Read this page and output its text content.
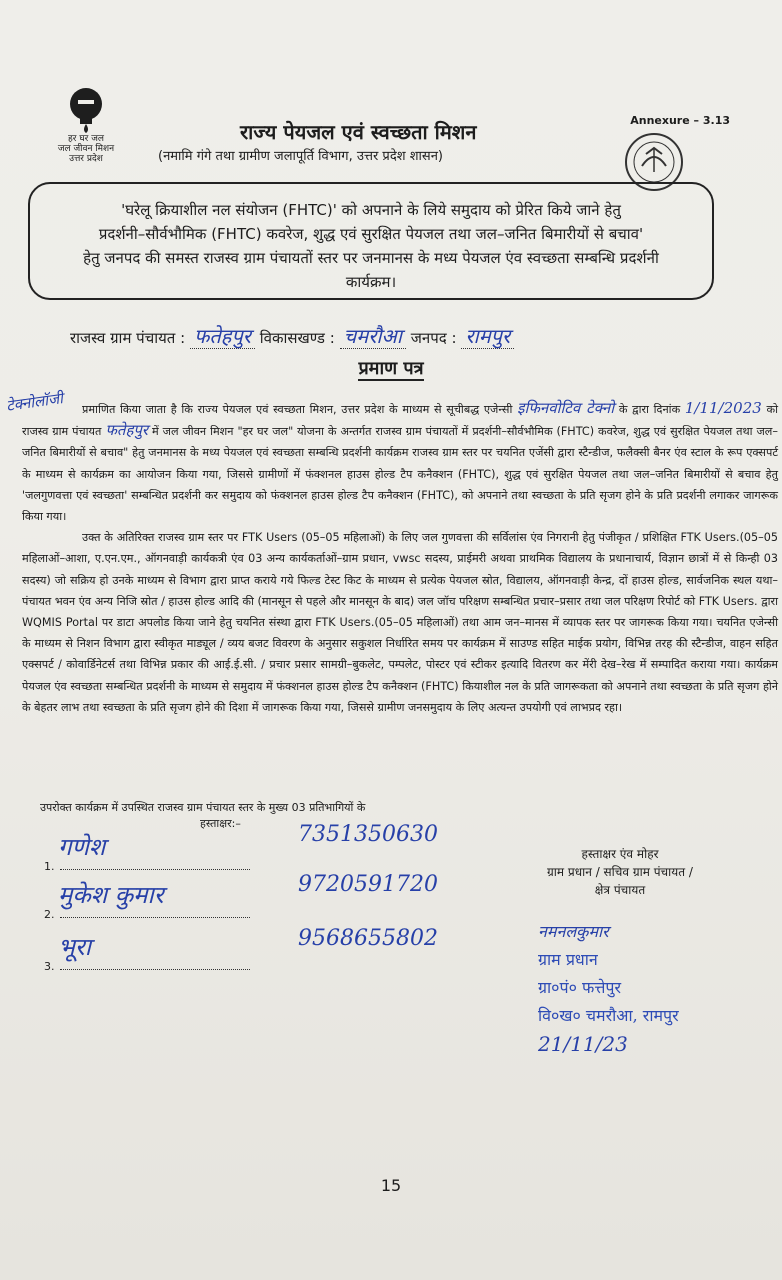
हर घर जल
जल जीवन मिशन
उत्तर प्रदेश
Annexure – 3.13
राज्य पेयजल एवं स्वच्छता मिशन
(नमामि गंगे तथा ग्रामीण जलापूर्ति विभाग, उत्तर प्रदेश शासन)
'घरेलू क्रियाशील नल संयोजन (FHTC)' को अपनाने के लिये समुदाय को प्रेरित किये जाने हेतु
प्रदर्शनी–सौर्वभौमिक (FHTC) कवरेज, शुद्ध एवं सुरक्षित पेयजल तथा जल–जनित बिमारीयों से बचाव'
हेतु जनपद की समस्त राजस्व ग्राम पंचायतों स्तर पर जनमानस के मध्य पेयजल एंव स्वच्छता सम्बन्धि प्रदर्शनी
कार्यक्रम।
राजस्व ग्राम पंचायत : फतेहपुर विकासखण्ड : चमरौआ जनपद : रामपुर
प्रमाण पत्र
टेक्नोलॉजी	प्रमाणित किया जाता है कि राज्य पेयजल एवं स्वच्छता मिशन, उत्तर प्रदेश के माध्यम से सूचीबद्ध एजेन्सी इफिनवोटिव टेक्नो के द्वारा दिनांक 1/11/2023 को राजस्व ग्राम पंचायत फतेहपुर में जल जीवन मिशन "हर घर जल" योजना के अन्तर्गत राजस्व ग्राम पंचायतों में प्रदर्शनी–सौर्वभौमिक (FHTC) कवरेज, शुद्ध एवं सुरक्षित पेयजल तथा जल–जनित बिमारीयों से बचाव" हेतु जनमानस के मध्य पेयजल एवं स्वच्छता सम्बन्धि प्रदर्शनी कार्यक्रम राजस्व ग्राम स्तर पर चयनित एजेंसी द्वारा स्टैन्डीज, फलैक्सी बैनर एंव स्टाल के रूप एक्सपर्ट के माध्यम से कार्यक्रम का आयोजन किया गया, जिससे ग्रामीणों में फंक्शनल हाउस होल्ड टैप कनैक्शन (FHTC), शुद्ध एवं सुरक्षित पेयजल तथा जल–जनित बिमारीयों से बचाव हेतु 'जलगुणवत्ता एवं स्वच्छता' सम्बन्धित प्रदर्शनी कर समुदाय को फंक्शनल हाउस होल्ड टैप कनैक्शन (FHTC), को अपनाने तथा स्वच्छता के प्रति सृजग होने के प्रति प्रदर्शनी लगाकर जागरूक किया गया।

उक्त के अतिरिक्त राजस्व ग्राम स्तर पर FTK Users (05–05 महिलाओं) के लिए जल गुणवत्ता की सर्विलांस एंव निगरानी हेतु पंजीकृत / प्रशिक्षित FTK Users.(05–05 महिलाओं–आशा, ए.एन.एम., ऑगनवाड़ी कार्यकत्री एंव 03 अन्य कार्यकर्ताओं–ग्राम प्रधान, vwsc सदस्य, प्राईमरी अथवा प्राथमिक विद्यालय के प्रधानाचार्य, विज्ञान छात्रों में से किन्ही 03 सदस्य) जो सक्रिय हो उनके माध्यम से विभाग द्वारा प्राप्त कराये गये फिल्ड टेस्ट किट के माध्यम से प्रत्येक पेयजल स्रोत, विद्यालय, ऑगनवाड़ी केन्द्र, दों हाउस होल्ड, सार्वजनिक स्थल यथा–पंचायत भवन एंव अन्य निजि स्रोत / हाउस होल्ड आदि की (मानसून से पहले और मानसून के बाद) जल जॉच परिक्षण सम्बन्धित प्रचार–प्रसार तथा जल परिक्षण रिपोर्ट को FTK Users. द्वारा WQMIS Portal पर डाटा अपलोड किया जाने हेतु चयनित संस्था द्वारा FTK Users.(05–05 महिलाओं) तथा आम जन–मानस में व्यापक स्तर पर जागरूक किया गया। चयनित एजेन्सी के माध्यम से निशन विभाग द्वारा स्वीकृत माड्यूल / व्यय बजट विवरण के अनुसार सकुशल निर्धारित समय पर कार्यक्रम में साउण्ड सहित माईक प्रयोग, विभिन्न तरह की स्टैन्डीज, वाहन सहित एक्सपर्ट / कोवार्डिनेटर्स तथा विभिन्न प्रकार की आई.ई.सी. / प्रचार प्रसार सामग्री–बुकलेट, पम्पलेट, पोस्टर एवं स्टीकर इत्यादि वितरण कर मेंरी देख–रेख में सम्पादित कराया गया। कार्यक्रम पेयजल एंव स्वच्छता सम्बन्धित प्रदर्शनी के माध्यम से समुदाय में फंक्शनल हाउस होल्ड टैप कनैक्शन (FHTC) कियाशील नल के प्रति जागरूकता को अपनाने तथा स्वच्छता के प्रति सृजग होने के बेहतर लाभ तथा स्वच्छता के प्रति सृजग होने की दिशा में जागरूक किया गया, जिससे ग्रामीण जनसमुदाय के लिए अत्यन्त उपयोगी एवं लाभप्रद रहा।

उपरोक्त कार्यक्रम में उपस्थित राजस्व ग्राम पंचायत स्तर के मुख्य 03 प्रतिभागियों के
हस्ताक्षर:–
1.
गणेश
2.
मुकेश कुमार
3.
भूरा
7351350630
9720591720
9568655802
हस्ताक्षर एंव मोहर
ग्राम प्रधान / सचिव ग्राम पंचायत /
क्षेत्र पंचायत
नमनलकुमार
ग्राम प्रधान
ग्रा०पं० फत्तेपुर
वि०ख० चमरौआ, रामपुर
21/11/23
15
